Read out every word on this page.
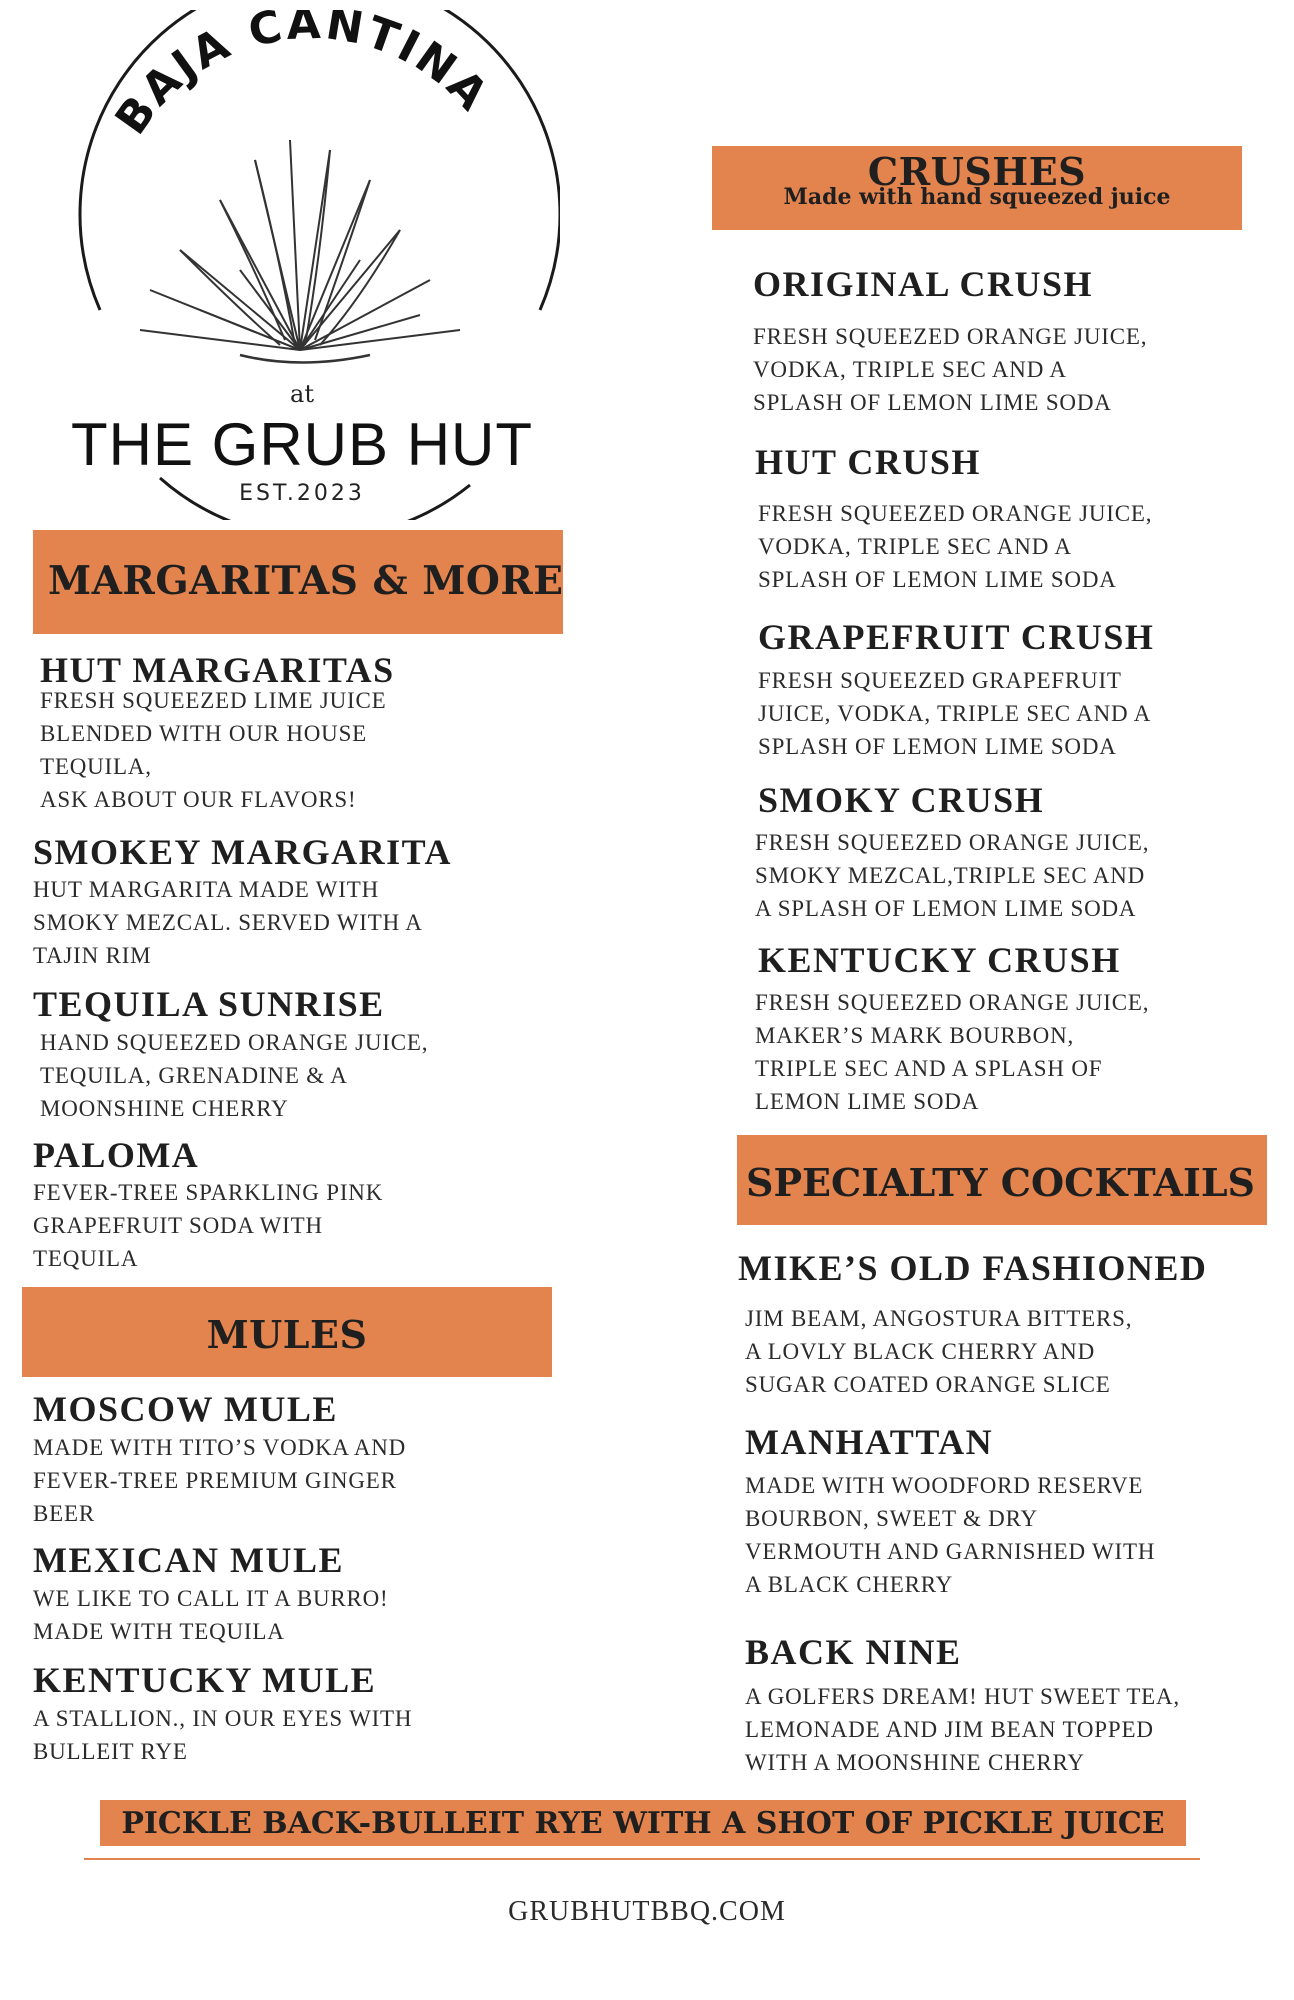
BAJA CANTINA
at
THE GRUB HUT
EST.2023
MARGARITAS & MORE
HUT MARGARITAS
FRESH SQUEEZED LIME JUICE
BLENDED WITH OUR HOUSE
TEQUILA,
ASK ABOUT OUR FLAVORS!
SMOKEY MARGARITA
HUT MARGARITA MADE WITH
SMOKY MEZCAL. SERVED WITH A
TAJIN RIM
TEQUILA SUNRISE
HAND SQUEEZED ORANGE JUICE,
TEQUILA, GRENADINE & A
MOONSHINE CHERRY
PALOMA
FEVER-TREE SPARKLING PINK
GRAPEFRUIT SODA WITH
TEQUILA
MULES
MOSCOW MULE
MADE WITH TITO’S VODKA AND
FEVER-TREE PREMIUM GINGER
BEER
MEXICAN MULE
WE LIKE TO CALL IT A BURRO!
MADE WITH TEQUILA
KENTUCKY MULE
A STALLION., IN OUR EYES WITH
BULLEIT RYE
CRUSHES
Made with hand squeezed juice
ORIGINAL CRUSH
FRESH SQUEEZED ORANGE JUICE,
VODKA, TRIPLE SEC AND A
SPLASH OF LEMON LIME SODA
HUT CRUSH
FRESH SQUEEZED ORANGE JUICE,
VODKA, TRIPLE SEC AND A
SPLASH OF LEMON LIME SODA
GRAPEFRUIT CRUSH
FRESH SQUEEZED GRAPEFRUIT
JUICE, VODKA, TRIPLE SEC AND A
SPLASH OF LEMON LIME SODA
SMOKY CRUSH
FRESH SQUEEZED ORANGE JUICE,
SMOKY MEZCAL,TRIPLE SEC AND
A SPLASH OF LEMON LIME SODA
KENTUCKY CRUSH
FRESH SQUEEZED ORANGE JUICE,
MAKER’S MARK BOURBON,
TRIPLE SEC AND A SPLASH OF
LEMON LIME SODA
SPECIALTY COCKTAILS
MIKE’S OLD FASHIONED
JIM BEAM, ANGOSTURA BITTERS,
A LOVLY BLACK CHERRY AND
SUGAR COATED ORANGE SLICE
MANHATTAN
MADE WITH WOODFORD RESERVE
BOURBON, SWEET & DRY
VERMOUTH AND GARNISHED WITH
A BLACK CHERRY
BACK NINE
A GOLFERS DREAM! HUT SWEET TEA,
LEMONADE AND JIM BEAN TOPPED
WITH A MOONSHINE CHERRY
PICKLE BACK-BULLEIT RYE WITH A SHOT OF PICKLE JUICE
GRUBHUTBBQ.COM
